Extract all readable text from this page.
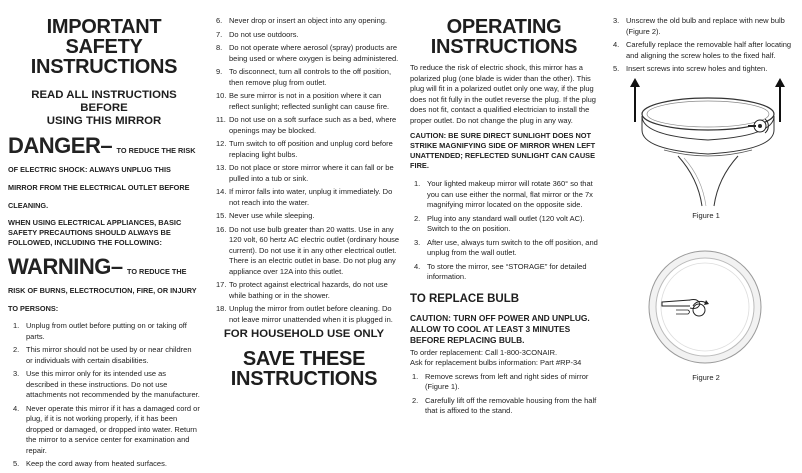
IMPORTANT
SAFETY
INSTRUCTIONS
READ ALL INSTRUCTIONS BEFORE
USING THIS MIRROR
DANGER– TO REDUCE THE RISK OF ELECTRIC SHOCK: ALWAYS UNPLUG THIS MIRROR FROM THE ELECTRICAL OUTLET BEFORE CLEANING.

WHEN USING ELECTRICAL APPLIANCES, BASIC SAFETY PRECAUTIONS SHOULD ALWAYS BE FOLLOWED, INCLUDING THE FOLLOWING:

WARNING– TO REDUCE THE RISK OF BURNS, ELECTROCUTION, FIRE, OR INJURY TO PERSONS:
1. Unplug from outlet before putting on or taking off parts.
2. This mirror should not be used by or near children or individuals with certain disabilities.
3. Use this mirror only for its intended use as described in these instructions. Do not use attachments not recommended by the manufacturer.
4. Never operate this mirror if it has a damaged cord or plug, if it is not working properly, if it has been dropped or damaged, or dropped into water. Return the mirror to a service center for examination and repair.
5. Keep the cord away from heated surfaces.
6. Never drop or insert an object into any opening.
7. Do not use outdoors.
8. Do not operate where aerosol (spray) products are being used or where oxygen is being administered.
9. To disconnect, turn all controls to the off position, then remove plug from outlet.
10. Be sure mirror is not in a position where it can reflect sunlight; reflected sunlight can cause fire.
11. Do not use on a soft surface such as a bed, where openings may be blocked.
12. Turn switch to off position and unplug cord before replacing light bulbs.
13. Do not place or store mirror where it can fall or be pulled into a tub or sink.
14. If mirror falls into water, unplug it immediately. Do not reach into the water.
15. Never use while sleeping.
16. Do not use bulb greater than 20 watts. Use in any 120 volt, 60 hertz AC electric outlet (ordinary house current). Do not use it in any other electrical outlet. There is an electric outlet in base. Do not plug any appliance over 12A into this outlet.
17. To protect against electrical hazards, do not use while bathing or in the shower.
18. Unplug the mirror from outlet before cleaning. Do not leave mirror unattended when it is plugged in.
FOR HOUSEHOLD USE ONLY
SAVE THESE
INSTRUCTIONS
OPERATING
INSTRUCTIONS

To reduce the risk of electric shock, this mirror has a polarized plug (one blade is wider than the other). This plug will fit in a polarized outlet only one way, if the plug does not fit fully in the outlet reverse the plug. If the plug does not fit, contact a qualified electrician to install the proper outlet. Do not change the plug in any way.

CAUTION: BE SURE DIRECT SUNLIGHT DOES NOT STRIKE MAGNIFYING SIDE OF MIRROR WHEN LEFT UNATTENDED; REFLECTED SUNLIGHT CAN CAUSE FIRE.

1. Your lighted makeup mirror will rotate 360° so that you can use either the normal, flat mirror or the 7x magnifying mirror located on the opposite side.
2. Plug into any standard wall outlet (120 volt AC). Switch to the on position.
3. After use, always turn switch to the off position, and unplug from the wall outlet.
4. To store the mirror, see “STORAGE” for detailed information.

TO REPLACE BULB

CAUTION: TURN OFF POWER AND UNPLUG. ALLOW TO COOL AT LEAST 3 MINUTES BEFORE REPLACING BULB.

To order replacement: Call 1-800-3CONAIR.

Ask for replacement bulbs information: Part #RP-34

1. Remove screws from left and right sides of mirror (Figure 1).
2. Carefully lift off the removable housing from the half that is affixed to the stand.
3. Unscrew the old bulb and replace with new bulb (Figure 2).
4. Carefully replace the removable half after locating and aligning the screw holes to the fixed half.
5. Insert screws into screw holes and tighten.

Figure 1

Figure 2
